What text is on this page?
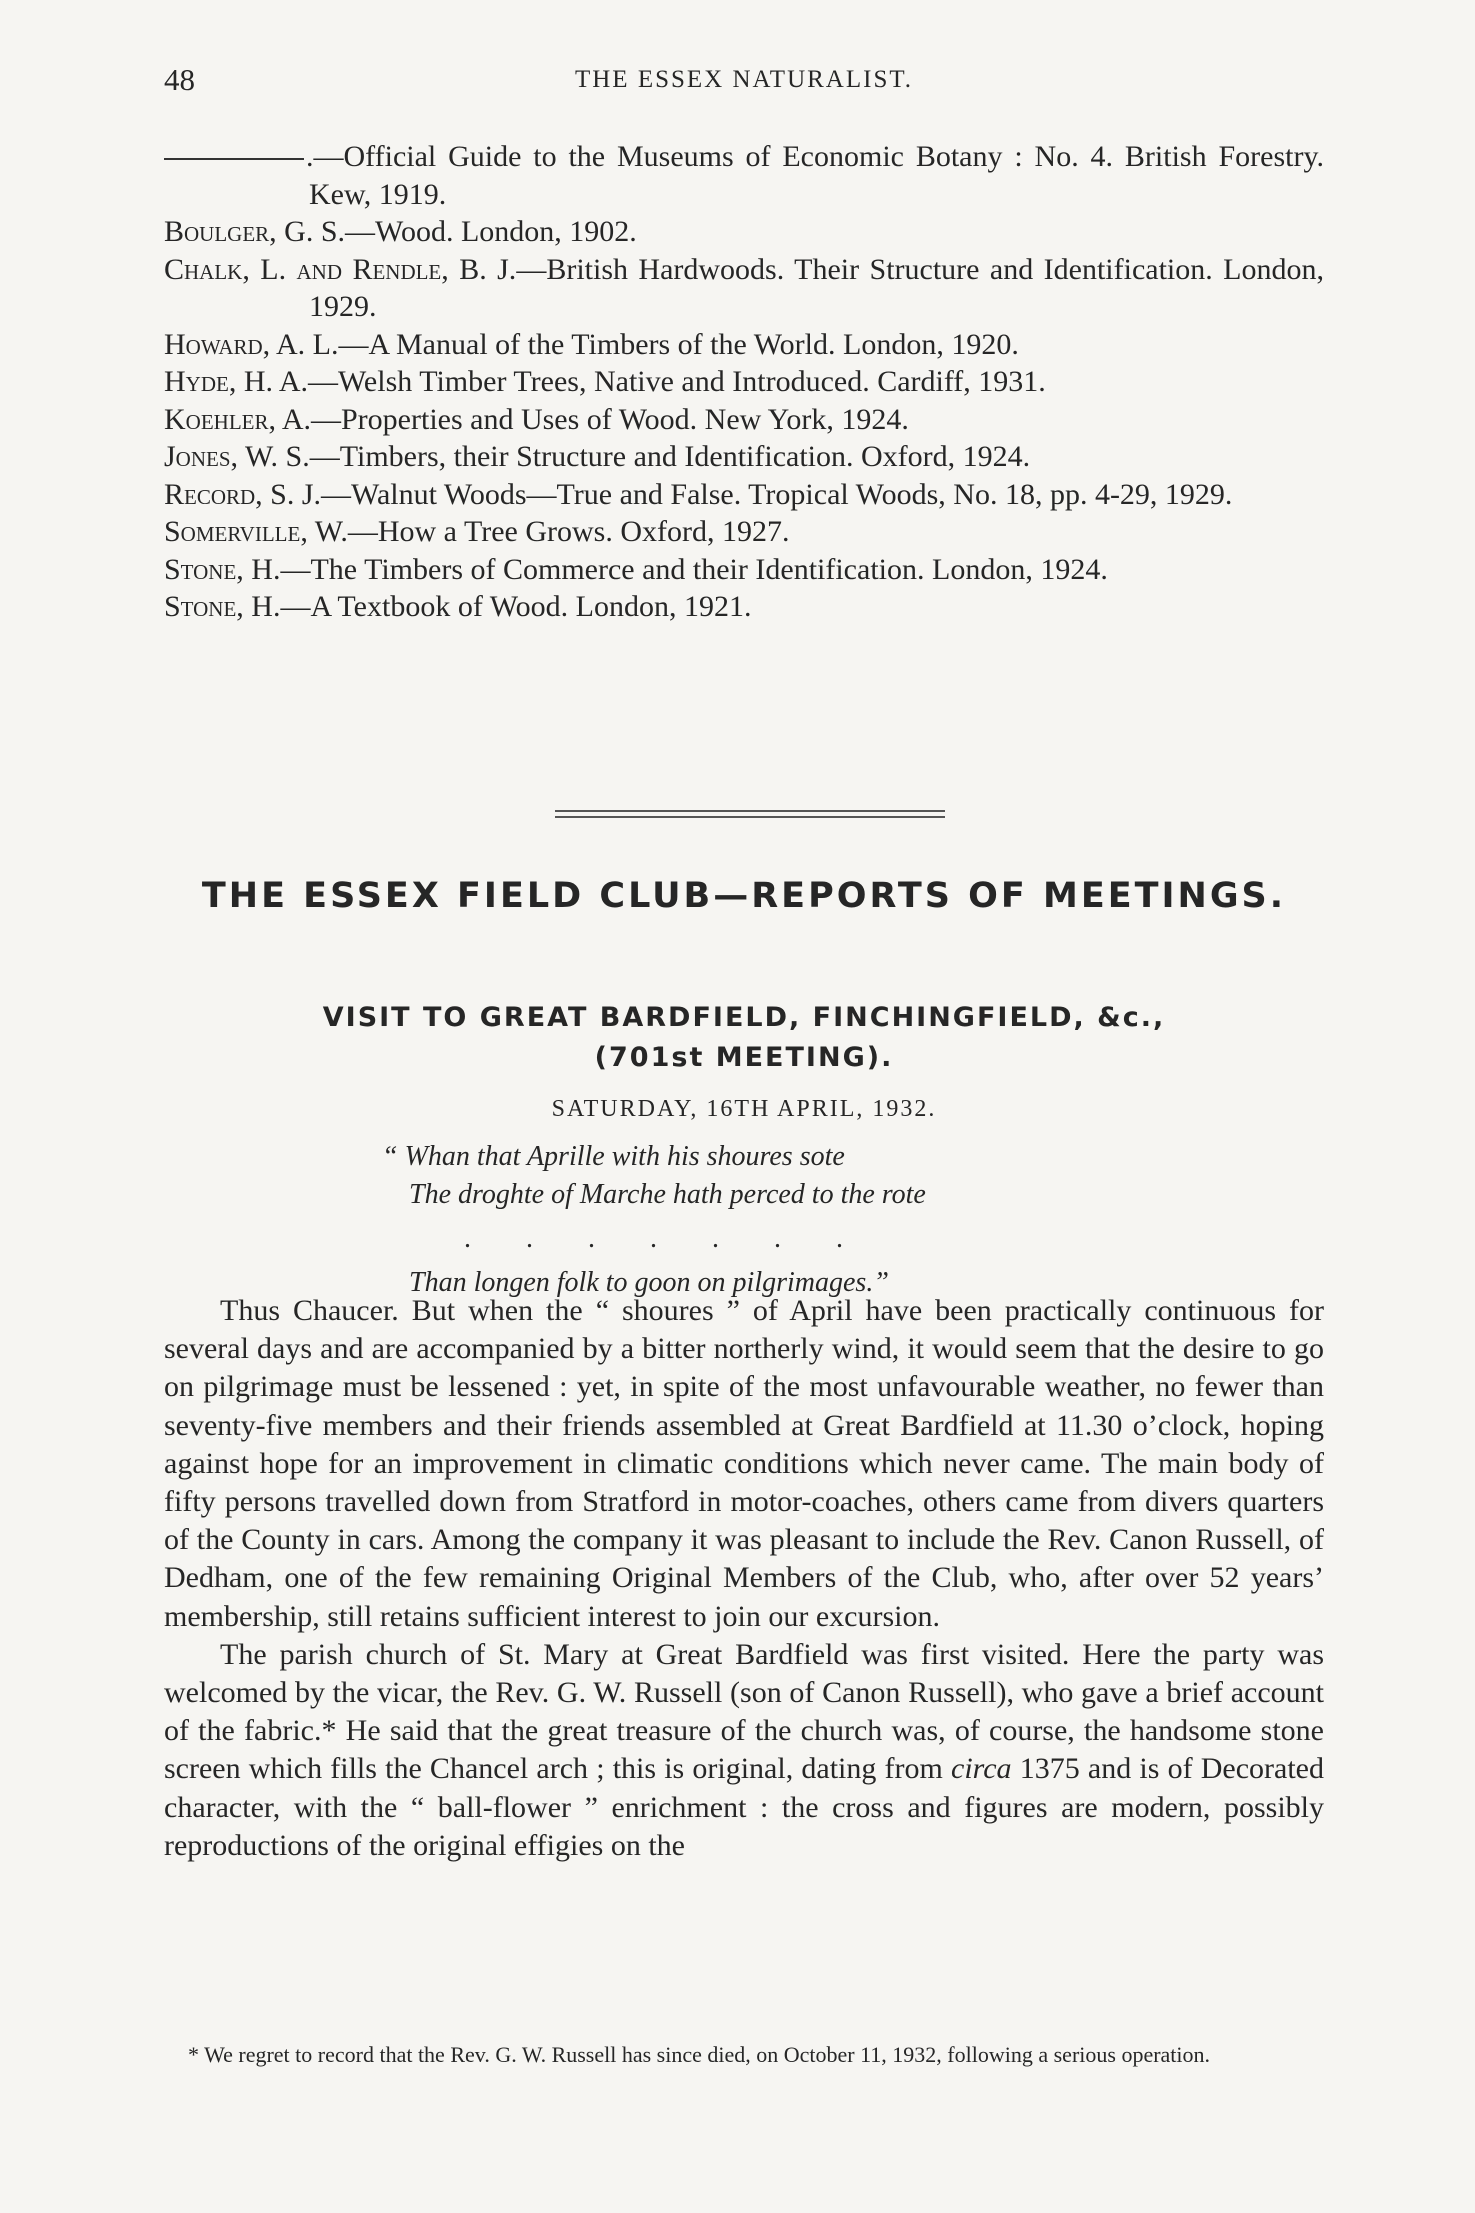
48	THE ESSEX NATURALIST.
.—Official Guide to the Museums of Economic Botany : No. 4. British Forestry. Kew, 1919.
Boulger, G. S.—Wood. London, 1902.
Chalk, L. and Rendle, B. J.—British Hardwoods. Their Structure and Identification. London, 1929.
Howard, A. L.—A Manual of the Timbers of the World. London, 1920.
Hyde, H. A.—Welsh Timber Trees, Native and Introduced. Cardiff, 1931.
Koehler, A.—Properties and Uses of Wood. New York, 1924.
Jones, W. S.—Timbers, their Structure and Identification. Oxford, 1924.
Record, S. J.—Walnut Woods—True and False. Tropical Woods, No. 18, pp. 4-29, 1929.
Somerville, W.—How a Tree Grows. Oxford, 1927.
Stone, H.—The Timbers of Commerce and their Identification. London, 1924.
Stone, H.—A Textbook of Wood. London, 1921.
THE ESSEX FIELD CLUB—REPORTS OF MEETINGS.
VISIT TO GREAT BARDFIELD, FINCHINGFIELD, &c.,
(701st MEETING).
SATURDAY, 16TH APRIL, 1932.
“ Whan that Aprille with his shoures sote
The droghte of Marche hath perced to the rote
. . . . . . .
Than longen folk to goon on pilgrimages.”

Thus Chaucer. But when the “ shoures ” of April have been practically continuous for several days and are accompanied by a bitter northerly wind, it would seem that the desire to go on pilgrimage must be lessened : yet, in spite of the most unfavourable weather, no fewer than seventy-five members and their friends assembled at Great Bardfield at 11.30 o’clock, hoping against hope for an improvement in climatic conditions which never came. The main body of fifty persons travelled down from Stratford in motor-coaches, others came from divers quarters of the County in cars. Among the company it was pleasant to include the Rev. Canon Russell, of Dedham, one of the few remaining Original Members of the Club, who, after over 52 years’ membership, still retains sufficient interest to join our excursion.

The parish church of St. Mary at Great Bardfield was first visited. Here the party was welcomed by the vicar, the Rev. G. W. Russell (son of Canon Russell), who gave a brief account of the fabric.* He said that the great treasure of the church was, of course, the handsome stone screen which fills the Chancel arch ; this is original, dating from circa 1375 and is of Decorated character, with the “ ball-flower ” enrichment : the cross and figures are modern, possibly reproductions of the original effigies on the

* We regret to record that the Rev. G. W. Russell has since died, on October 11, 1932, following a serious operation.
